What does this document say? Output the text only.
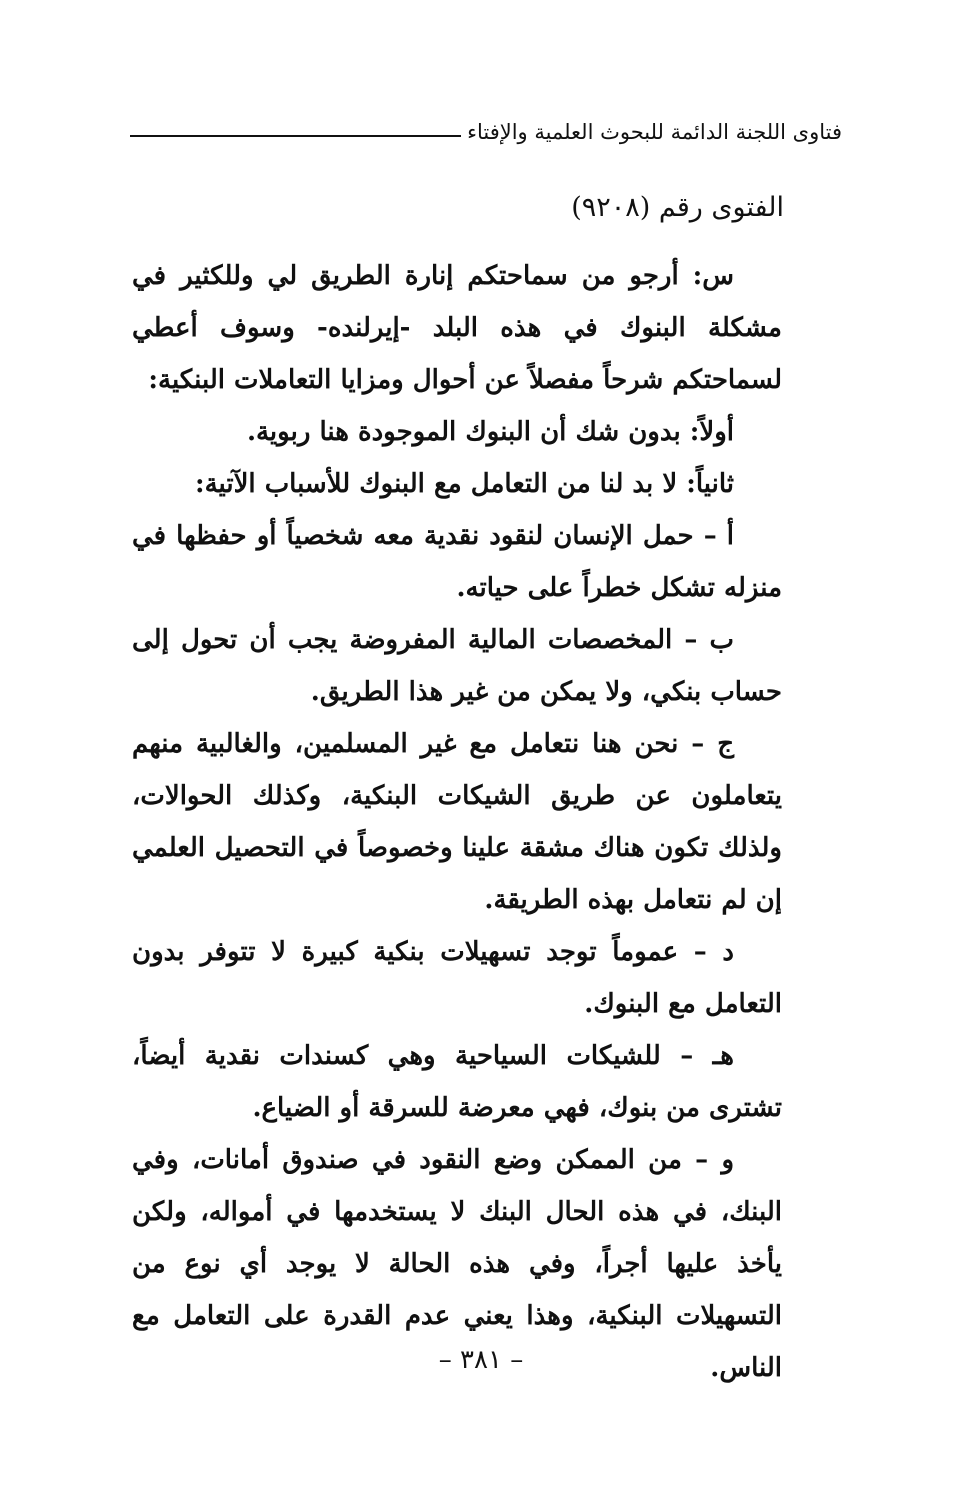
فتاوى اللجنة الدائمة للبحوث العلمية والإفتاء
الفتوى رقم (٩٢٠٨)

س: أرجو من سماحتكم إنارة الطريق لي وللكثير في مشكلة البنوك في هذه البلد -إيرلنده- وسوف أعطي لسماحتكم شرحاً مفصلاً عن أحوال ومزايا التعاملات البنكية:

أولاً: بدون شك أن البنوك الموجودة هنا ربوية.

ثانياً: لا بد لنا من التعامل مع البنوك للأسباب الآتية:

أ – حمل الإنسان لنقود نقدية معه شخصياً أو حفظها في منزله تشكل خطراً على حياته.

ب – المخصصات المالية المفروضة يجب أن تحول إلى حساب بنكي، ولا يمكن من غير هذا الطريق.

ج – نحن هنا نتعامل مع غير المسلمين، والغالبية منهم يتعاملون عن طريق الشيكات البنكية، وكذلك الحوالات، ولذلك تكون هناك مشقة علينا وخصوصاً في التحصيل العلمي إن لم نتعامل بهذه الطريقة.

د – عموماً توجد تسهيلات بنكية كبيرة لا تتوفر بدون التعامل مع البنوك.

هـ – للشيكات السياحية وهي كسندات نقدية أيضاً، تشترى من بنوك، فهي معرضة للسرقة أو الضياع.

و – من الممكن وضع النقود في صندوق أمانات، وفي البنك، في هذه الحال البنك لا يستخدمها في أمواله، ولكن يأخذ عليها أجراً، وفي هذه الحالة لا يوجد أي نوع من التسهيلات البنكية، وهذا يعني عدم القدرة على التعامل مع الناس.

– ٣٨١ –
